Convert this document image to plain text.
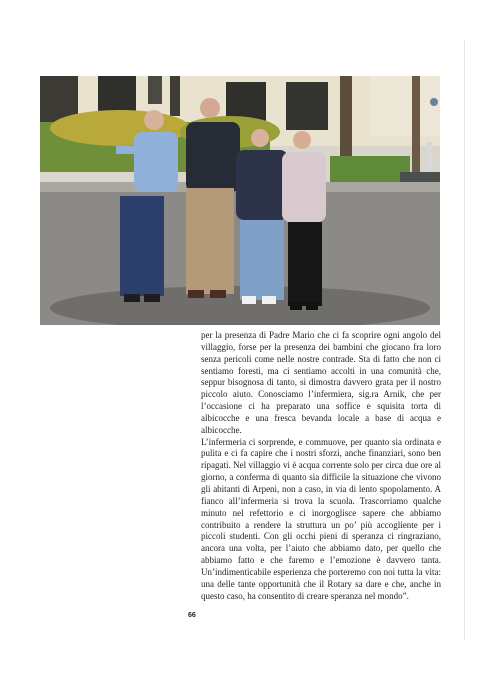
per la presenza di Padre Mario che ci fa scoprire ogni angolo del villaggio, forse per la presenza dei bambini che giocano fra loro senza pericoli come nelle nostre contrade. Sta di fatto che non ci sentiamo foresti, ma ci sentiamo accolti in una comunità che, seppur bisognosa di tanto, si dimostra davvero grata per il nostro piccolo aiuto. Conosciamo l’infermiera, sig.ra Arnik, che per l’occasione ci ha preparato una soffice e squisita torta di albicocche e una fresca bevanda locale a base di acqua e albicocche.

L’infermeria ci sorprende, e commuove, per quanto sia ordinata e pulita e ci fa capire che i nostri sforzi, anche finanziari, sono ben ripagati. Nel villaggio vi è acqua corrente solo per circa due ore al giorno, a conferma di quanto sia difficile la situazione che vivono gli abitanti di Arpeni, non a caso, in via di lento spopolamento. A fianco all’infermeria si trova la scuola. Trascorriamo qualche minuto nel refettorio e ci inorgoglisce sapere che abbiamo contribuito a rendere la struttura un po’ più accogliente per i piccoli studenti. Con gli occhi pieni di speranza ci ringraziano, ancora una volta, per l’aiuto che abbiamo dato, per quello che abbiamo fatto e che faremo e l’emozione è davvero tanta. Un’indimenticabile esperienza che porteremo con noi tutta la vita: una delle tante opportunità che il Rotary sa dare e che, anche in questo caso, ha consentito di creare speranza nel mondo”.

66
